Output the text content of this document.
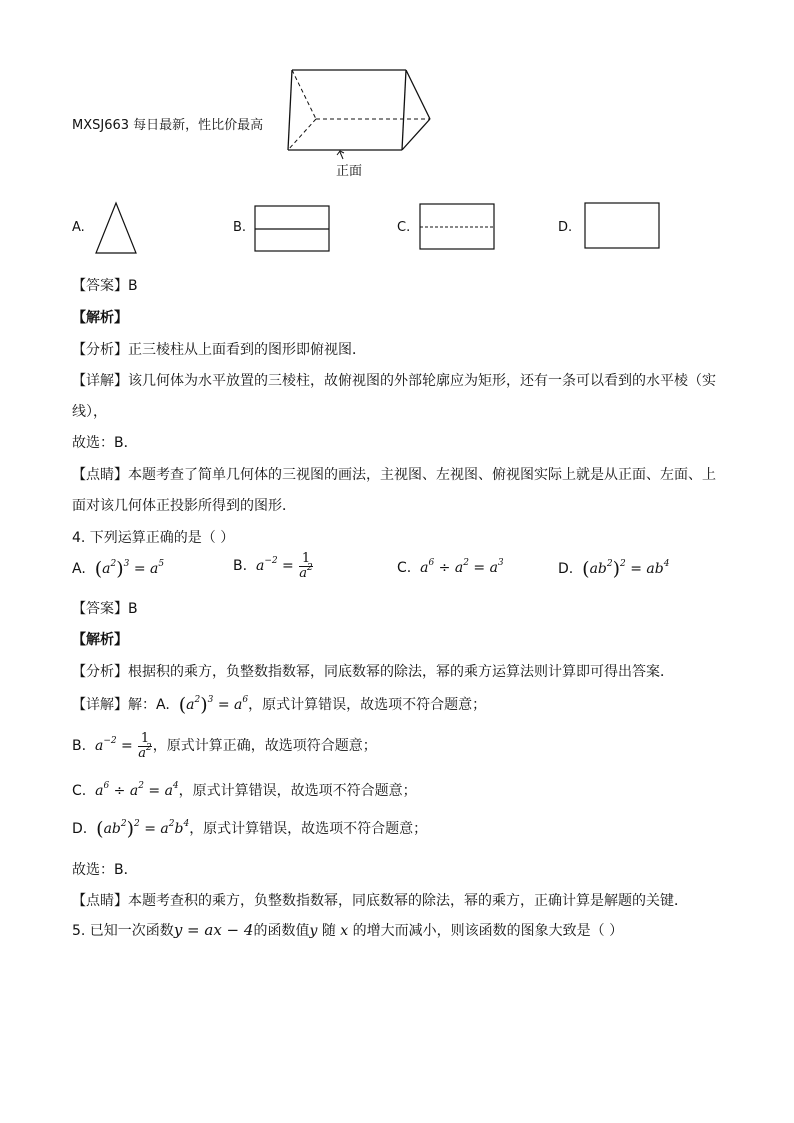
MXSJ663 每日最新，性比价最高
正面
A.	B.	C.	D.
【答案】B
【解析】
【分析】正三棱柱从上面看到的图形即俯视图．
【详解】该几何体为水平放置的三棱柱，故俯视图的外部轮廓应为矩形，还有一条可以看到的水平棱（实
线），
故选：B．
【点睛】本题考查了简单几何体的三视图的画法，主视图、左视图、俯视图实际上就是从正面、左面、上
面对该几何体正投影所得到的图形．
4. 下列运算正确的是（ ）
A. $(a^2)^3 = a^5$	B.  $a^{-2} = \frac{1}{a^2}$	C.  $a^6 \div a^2 = a^3$	D. $(ab^2)^2 = ab^4$
【答案】B
【解析】
【分析】根据积的乘方，负整数指数幂，同底数幂的除法，幂的乘方运算法则计算即可得出答案．
【详解】解：A. $(a^2)^3 = a^6$，原式计算错误，故选项不符合题意；
B.  $a^{-2} = \frac{1}{a^2}$ ，原式计算正确，故选项符合题意；
C.  $a^6 \div a^2 = a^4$，原式计算错误，故选项不符合题意；
D. $(ab^2)^2 = a^2b^4$，原式计算错误，故选项不符合题意；
故选：B．
【点睛】本题考查积的乘方，负整数指数幂，同底数幂的除法，幂的乘方，正确计算是解题的关键．
5. 已知一次函数y = ax − 4的函数值y 随 x 的增大而减小，则该函数的图象大致是（ ）
